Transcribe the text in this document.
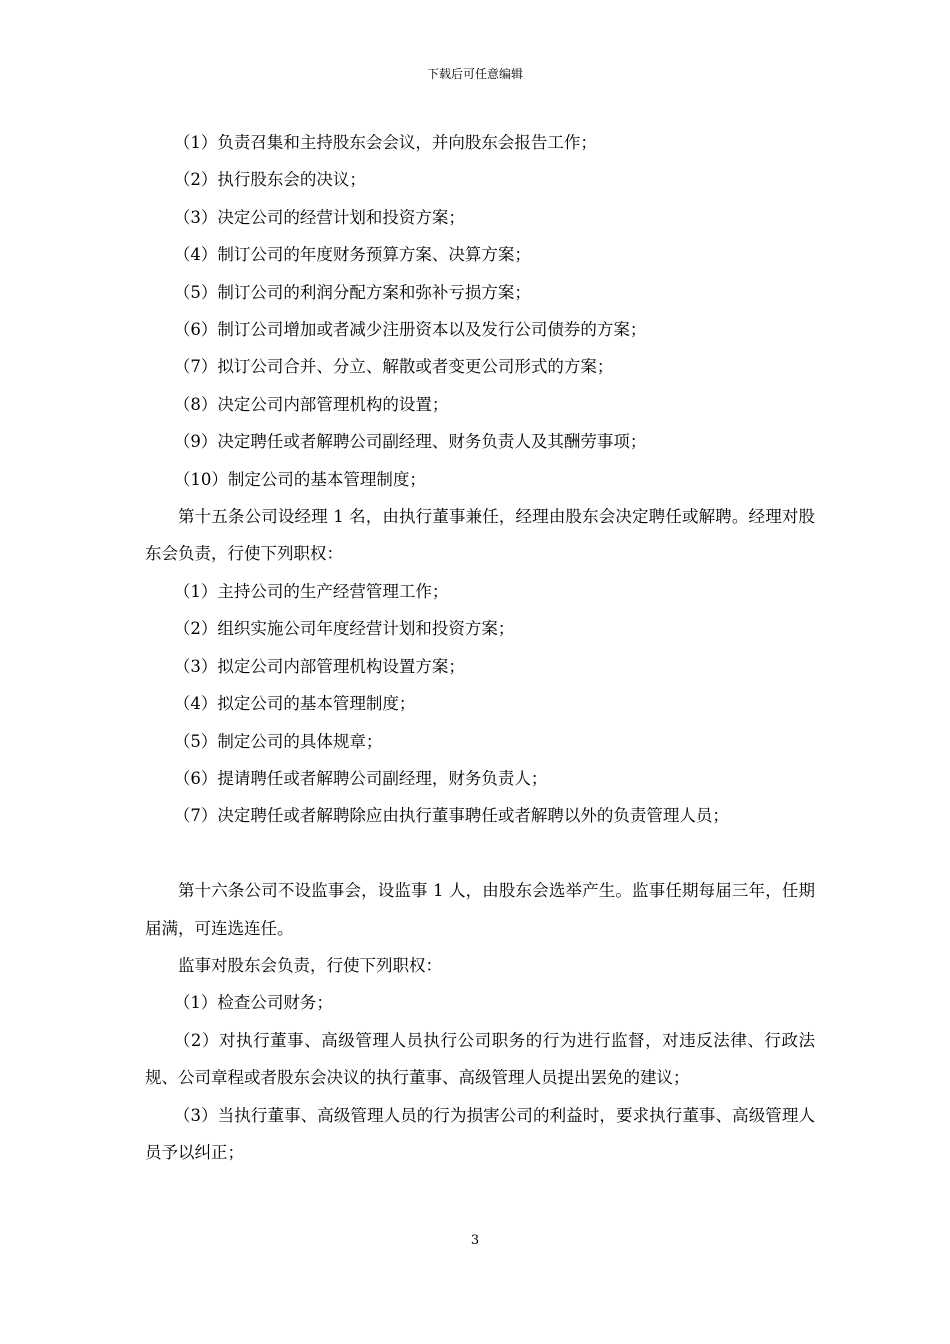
下载后可任意编辑

（1）负责召集和主持股东会会议，并向股东会报告工作；

（2）执行股东会的决议；

（3）决定公司的经营计划和投资方案；

（4）制订公司的年度财务预算方案、决算方案；

（5）制订公司的利润分配方案和弥补亏损方案；

（6）制订公司增加或者减少注册资本以及发行公司债券的方案；

（7）拟订公司合并、分立、解散或者变更公司形式的方案；

（8）决定公司内部管理机构的设置；

（9）决定聘任或者解聘公司副经理、财务负责人及其酬劳事项；

（10）制定公司的基本管理制度；

第十五条公司设经理 1 名，由执行董事兼任，经理由股东会决定聘任或解聘。经理对股东会负责，行使下列职权：

（1）主持公司的生产经营管理工作；

（2）组织实施公司年度经营计划和投资方案；

（3）拟定公司内部管理机构设置方案；

（4）拟定公司的基本管理制度；

（5）制定公司的具体规章；

（6）提请聘任或者解聘公司副经理，财务负责人；

（7）决定聘任或者解聘除应由执行董事聘任或者解聘以外的负责管理人员；

第十六条公司不设监事会，设监事 1 人，由股东会选举产生。监事任期每届三年，任期届满，可连选连任。

监事对股东会负责，行使下列职权：

（1）检查公司财务；

（2）对执行董事、高级管理人员执行公司职务的行为进行监督，对违反法律、行政法规、公司章程或者股东会决议的执行董事、高级管理人员提出罢免的建议；

（3）当执行董事、高级管理人员的行为损害公司的利益时，要求执行董事、高级管理人员予以纠正；

3
